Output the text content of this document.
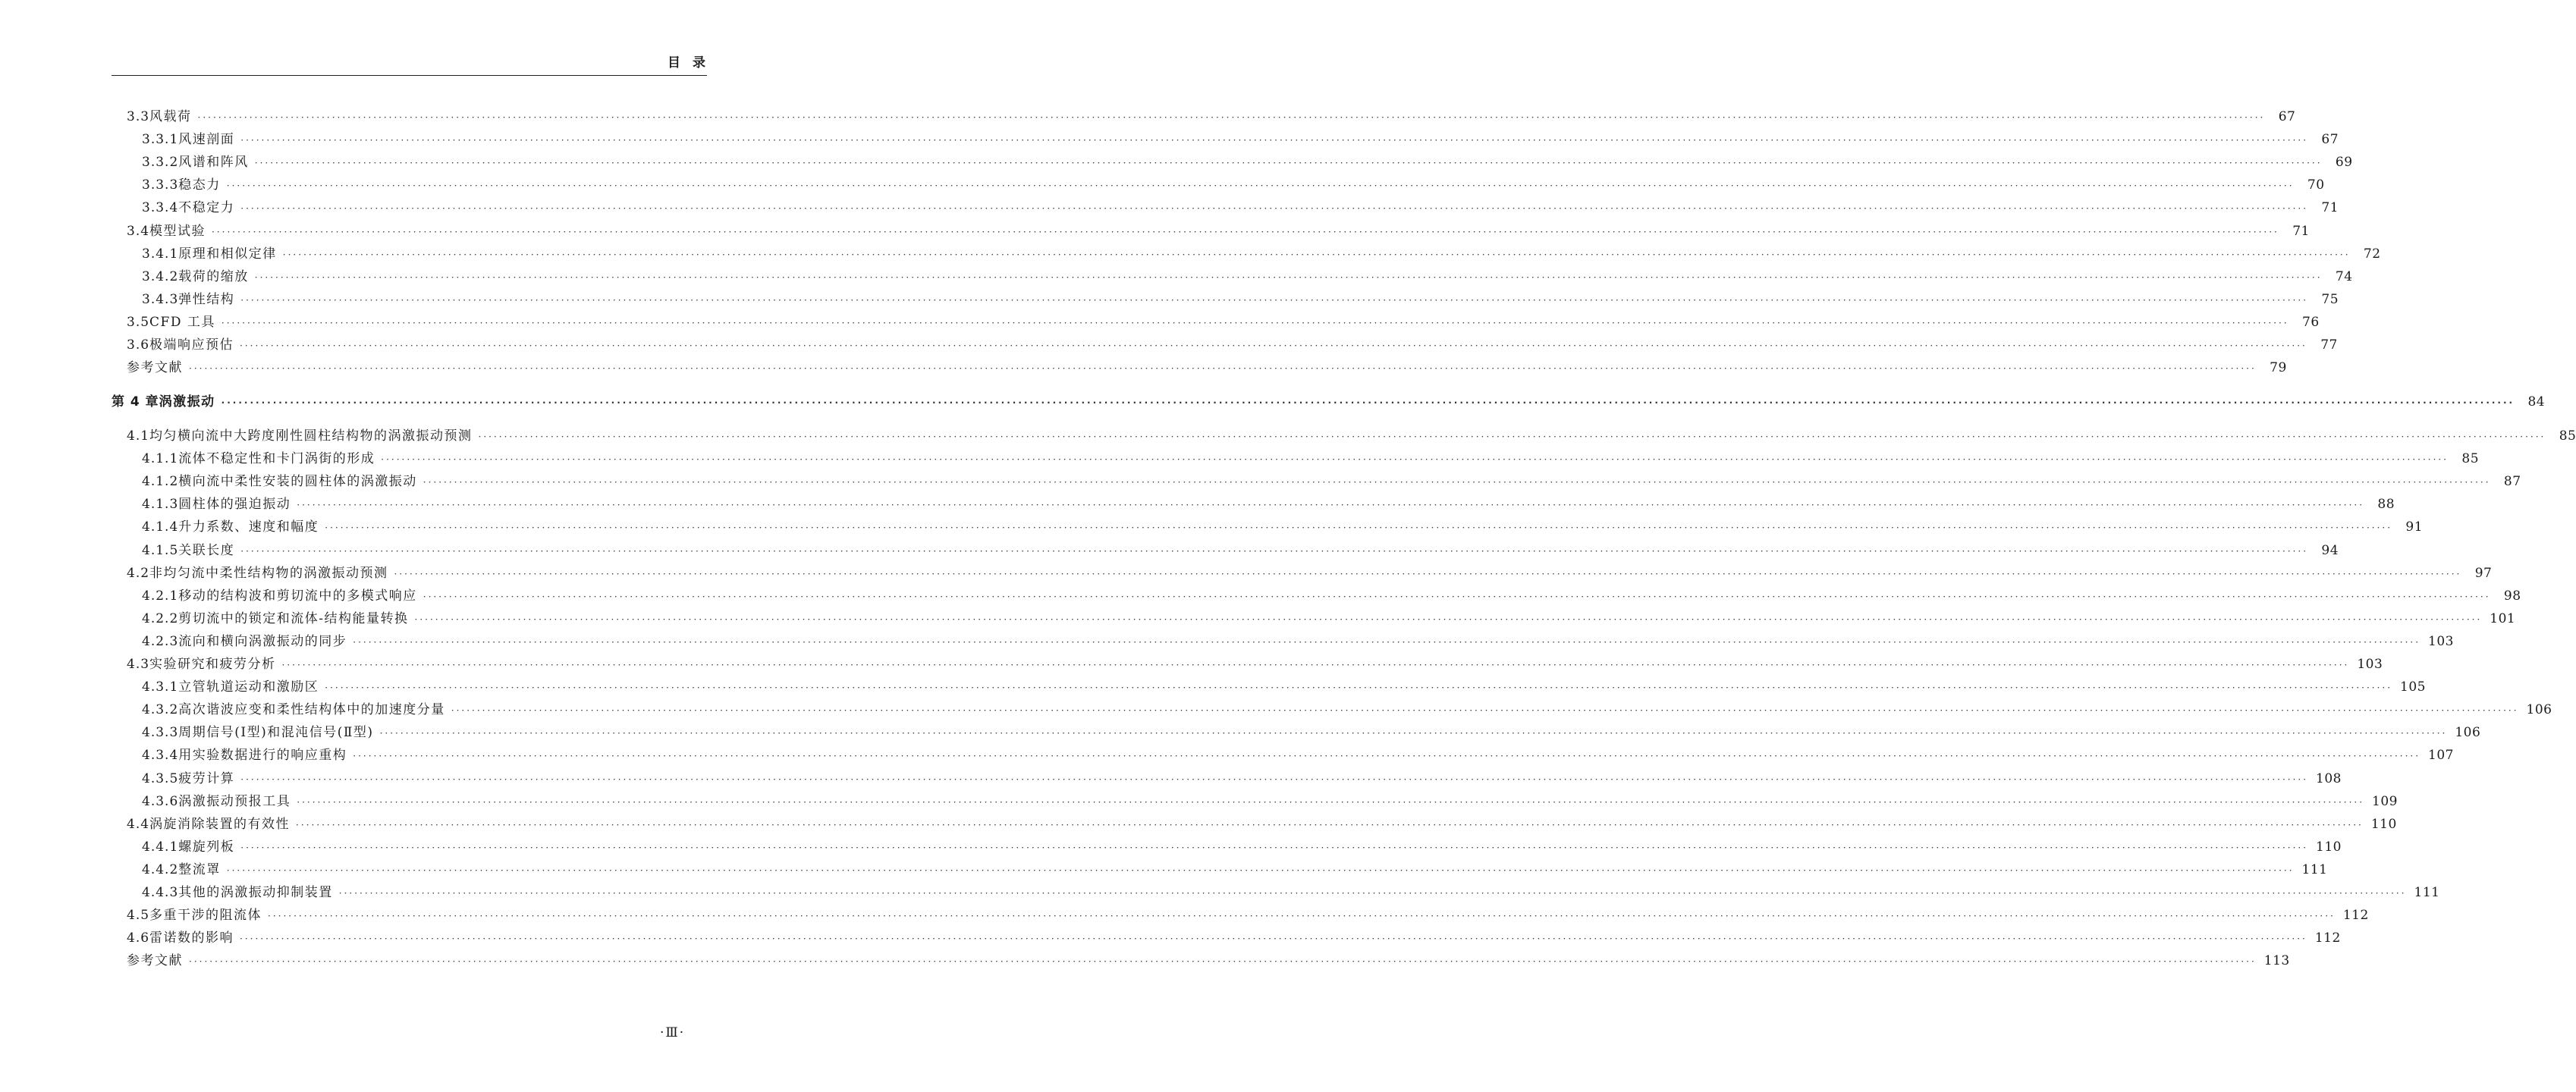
目录
3.3 风载荷 ················································································································································································································································································································································································································	67
3.3.1 风速剖面 ················································································································································································································································································································································································································	67
3.3.2 风谱和阵风 ················································································································································································································································································································································································································	69
3.3.3 稳态力 ················································································································································································································································································································································································································	70
3.3.4 不稳定力 ················································································································································································································································································································································································································	71
3.4 模型试验 ················································································································································································································································································································································································································	71
3.4.1 原理和相似定律 ················································································································································································································································································································································································································	72
3.4.2 载荷的缩放 ················································································································································································································································································································································································································	74
3.4.3 弹性结构 ················································································································································································································································································································································································································	75
3.5 CFD 工具 ················································································································································································································································································································································································································	76
3.6 极端响应预估 ················································································································································································································································································································································································································	77
参考文献 ················································································································································································································································································································································································································	79
第 4 章 涡激振动 ················································································································································································································································································································································································································	84
4.1 均匀横向流中大跨度刚性圆柱结构物的涡激振动预测 ················································································································································································································································································································································································································	85
4.1.1 流体不稳定性和卡门涡街的形成 ················································································································································································································································································································································································································	85
4.1.2 横向流中柔性安装的圆柱体的涡激振动 ················································································································································································································································································································································································································	87
4.1.3 圆柱体的强迫振动 ················································································································································································································································································································································································································	88
4.1.4 升力系数、速度和幅度 ················································································································································································································································································································································································································	91
4.1.5 关联长度 ················································································································································································································································································································································································································	94
4.2 非均匀流中柔性结构物的涡激振动预测 ················································································································································································································································································································································································································	97
4.2.1 移动的结构波和剪切流中的多模式响应 ················································································································································································································································································································································································································	98
4.2.2 剪切流中的锁定和流体-结构能量转换 ················································································································································································································································································································································································································ 101
4.2.3 流向和横向涡激振动的同步 ················································································································································································································································································································································································································ 103
4.3 实验研究和疲劳分析 ················································································································································································································································································································································································································ 103
4.3.1 立管轨道运动和激励区 ················································································································································································································································································································································································································ 105
4.3.2 高次谐波应变和柔性结构体中的加速度分量 ················································································································································································································································································································································································································ 106
4.3.3 周期信号(Ⅰ型)和混沌信号(Ⅱ型) ················································································································································································································································································································································································································ 106
4.3.4 用实验数据进行的响应重构 ················································································································································································································································································································································································································ 107
4.3.5 疲劳计算 ················································································································································································································································································································································································································ 108
4.3.6 涡激振动预报工具 ················································································································································································································································································································································································································ 109
4.4 涡旋消除装置的有效性 ················································································································································································································································································································································································································ 110
4.4.1 螺旋列板 ················································································································································································································································································································································································································ 110
4.4.2 整流罩 ················································································································································································································································································································································································································ 111
4.4.3 其他的涡激振动抑制装置 ················································································································································································································································································································································································································ 111
4.5 多重干涉的阻流体 ················································································································································································································································································································································································································ 112
4.6 雷诺数的影响 ················································································································································································································································································································································································································ 112
参考文献 ················································································································································································································································································································································································································ 113
·Ⅲ·
